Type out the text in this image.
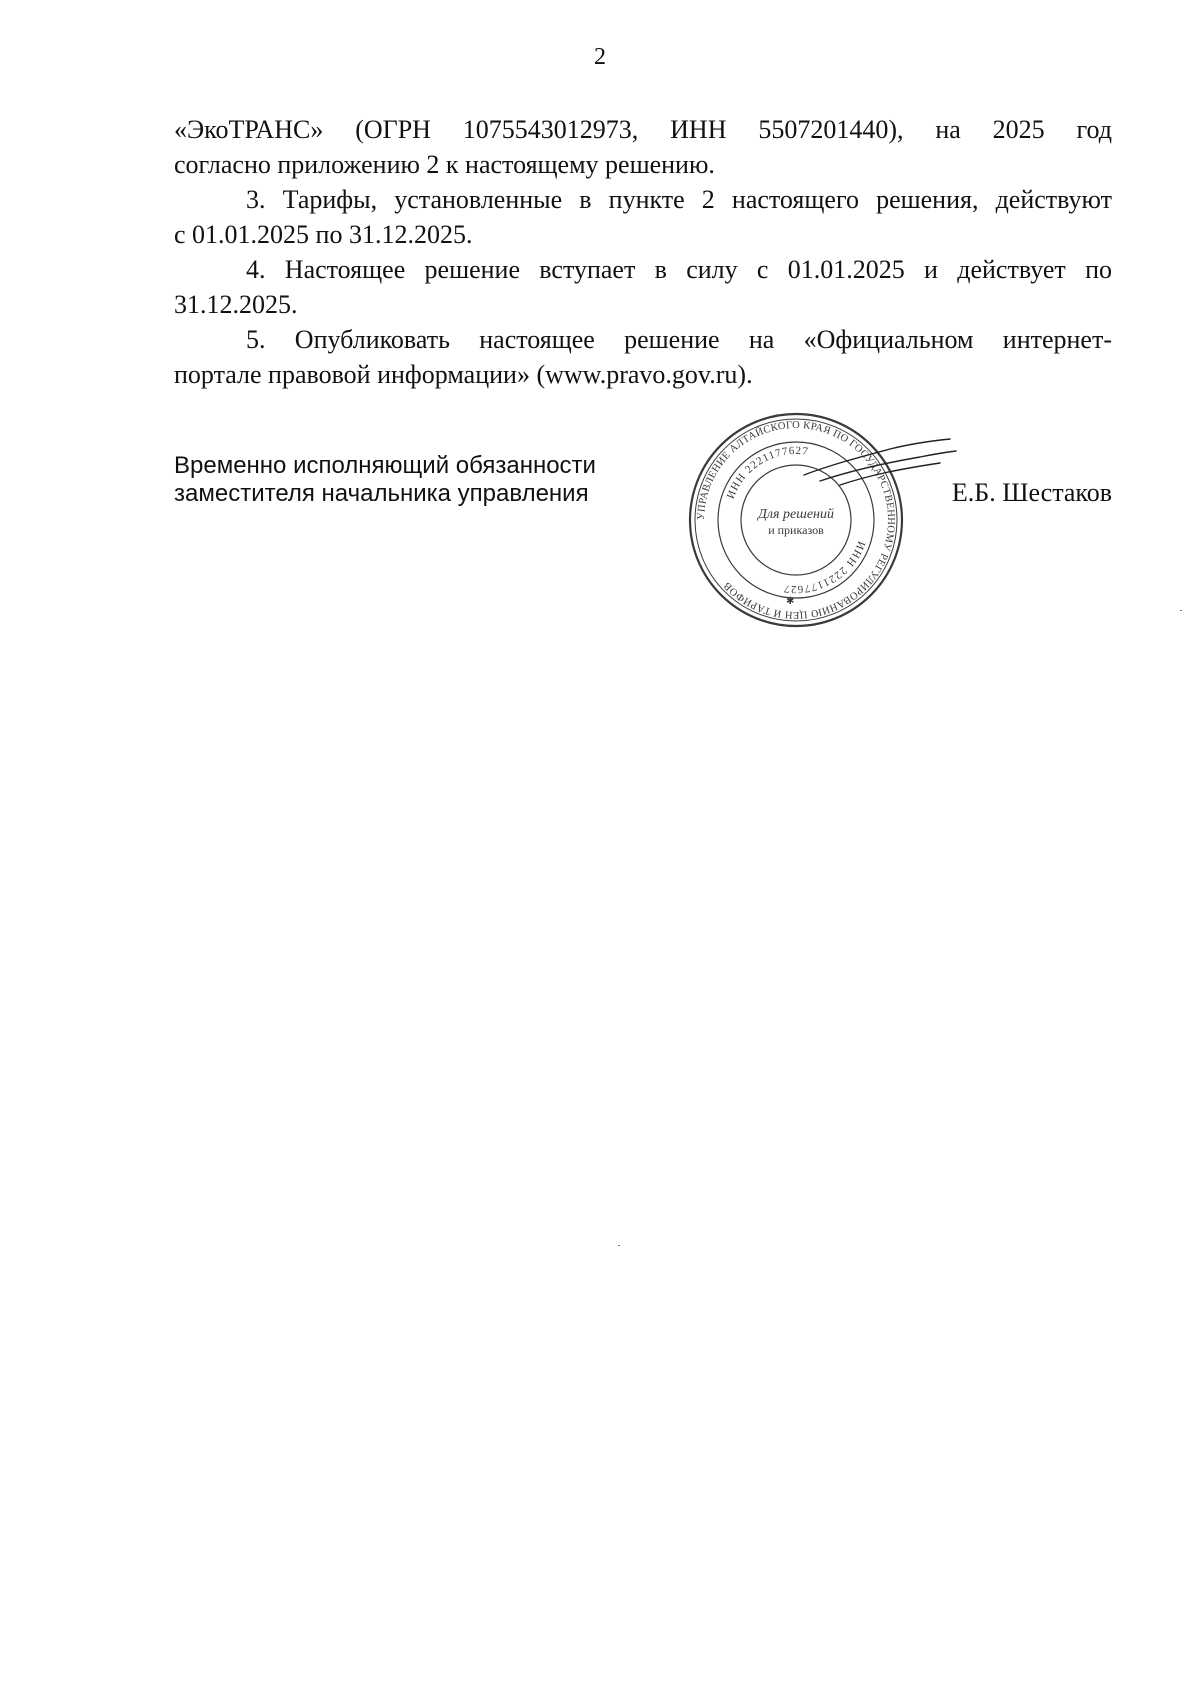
2

«ЭкоТРАНС» (ОГРН 1075543012973, ИНН 5507201440), на 2025 год
согласно приложению 2 к настоящему решению.

3. Тарифы, установленные в пункте 2 настоящего решения, действуют
с 01.01.2025 по 31.12.2025.

4. Настоящее решение вступает в силу с 01.01.2025 и действует по
31.12.2025.

5. Опубликовать настоящее решение на «Официальном интернет-
портале правовой информации» (www.pravo.gov.ru).

Временно исполняющий обязанности
заместителя начальника управления
УПРАВЛЕНИЕ АЛТАЙСКОГО КРАЯ ПО ГОСУДАРСТВЕННОМУ РЕГУЛИРОВАНИЮ ЦЕН И ТАРИФОВ
ИНН 2221177627
ИНН 2221177627
Для решений
и приказов
✱
Е.Б. Шестаков
